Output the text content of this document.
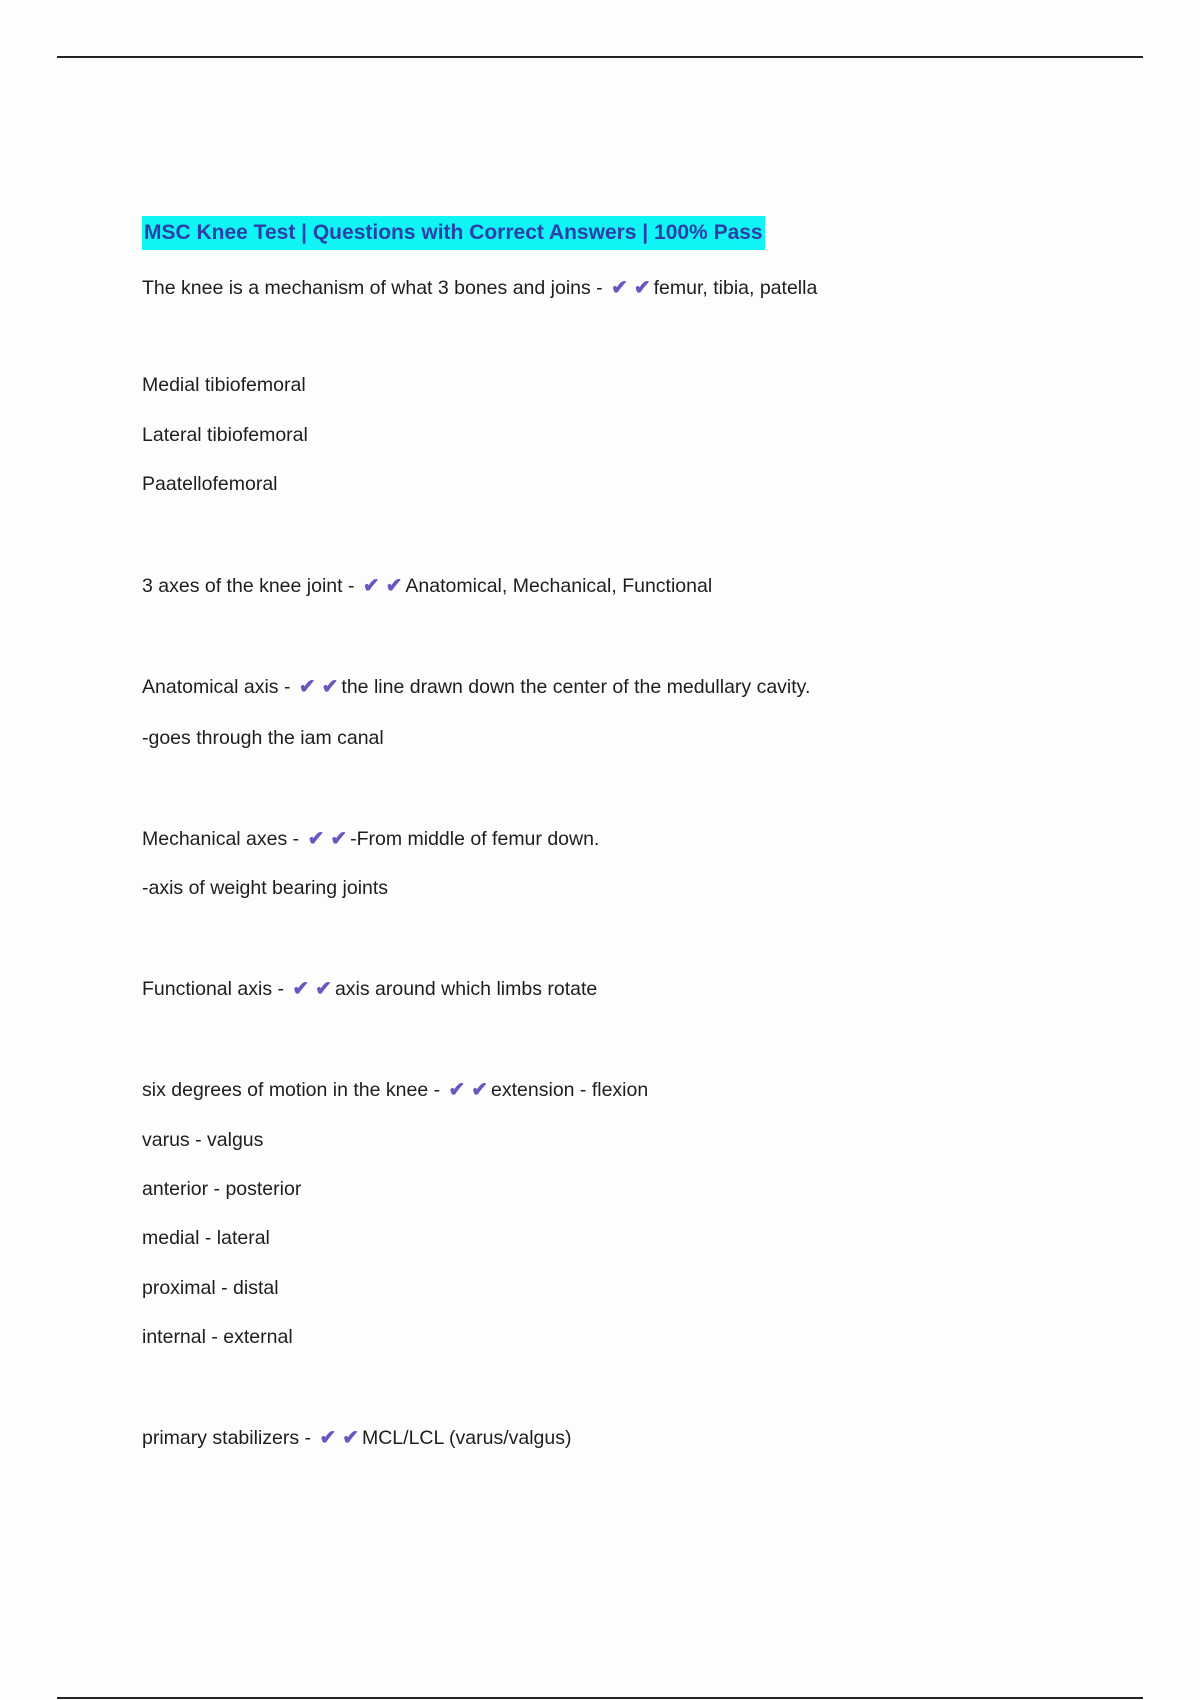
MSC Knee Test | Questions with Correct Answers | 100% Pass
The knee is a mechanism of what 3 bones and joins - ✔ ✔ femur, tibia, patella
Medial tibiofemoral
Lateral tibiofemoral
Paatellofemoral
3 axes of the knee joint - ✔ ✔ Anatomical, Mechanical, Functional
Anatomical axis - ✔ ✔ the line drawn down the center of the medullary cavity.
-goes through the iam canal
Mechanical axes - ✔ ✔ -From middle of femur down.
-axis of weight bearing joints
Functional axis - ✔ ✔ axis around which limbs rotate
six degrees of motion in the knee - ✔ ✔ extension - flexion
varus - valgus
anterior - posterior
medial - lateral
proximal - distal
internal - external
primary stabilizers - ✔ ✔ MCL/LCL (varus/valgus)
